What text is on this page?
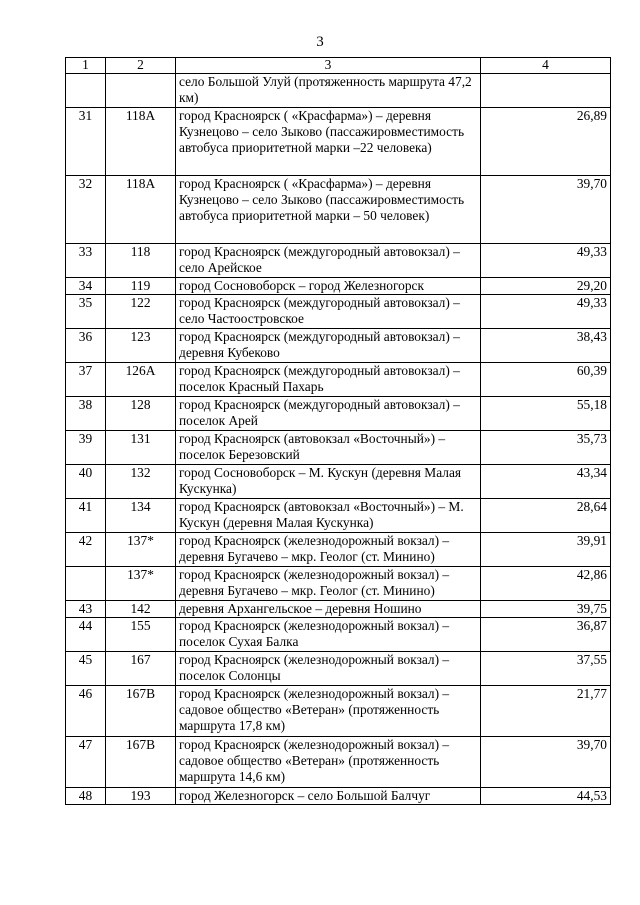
3
1	2	3	4
		село Большой Улуй (протяженность маршрута 47,2 км)	
31	118А	город Красноярск ( «Красфарма») – деревня Кузнецово – село Зыково (пассажировместимость автобуса приоритетной марки –22 человека)	26,89
32	118А	город Красноярск ( «Красфарма») – деревня Кузнецово – село Зыково (пассажировместимость автобуса приоритетной марки – 50 человек)	39,70
33	118	город Красноярск (междугородный автовокзал) – село Арейское	49,33
34	119	город Сосновоборск – город Железногорск	29,20
35	122	город Красноярск (междугородный автовокзал) – село Частоостровское	49,33
36	123	город Красноярск (междугородный автовокзал) – деревня Кубеково	38,43
37	126А	город Красноярск (междугородный автовокзал) – поселок Красный Пахарь	60,39
38	128	город Красноярск (междугородный автовокзал) – поселок Арей	55,18
39	131	город Красноярск (автовокзал «Восточный») – поселок Березовский	35,73
40	132	город Сосновоборск – М. Кускун (деревня Малая Кускунка)	43,34
41	134	город Красноярск (автовокзал «Восточный») – М. Кускун (деревня Малая Кускунка)	28,64
42	137*	город Красноярск (железнодорожный вокзал) – деревня Бугачево – мкр. Геолог (ст. Минино)	39,91
	137*	город Красноярск (железнодорожный вокзал) – деревня Бугачево – мкр. Геолог (ст. Минино)	42,86
43	142	деревня Архангельское – деревня Ношино	39,75
44	155	город Красноярск (железнодорожный вокзал) – поселок Сухая Балка	36,87
45	167	город Красноярск (железнодорожный вокзал) – поселок Солонцы	37,55
46	167В	город Красноярск (железнодорожный вокзал) – садовое общество «Ветеран» (протяженность маршрута 17,8 км)	21,77
47	167В	город Красноярск (железнодорожный вокзал) – садовое общество «Ветеран» (протяженность маршрута 14,6 км)	39,70
48	193	город Железногорск – село Большой Балчуг	44,53
